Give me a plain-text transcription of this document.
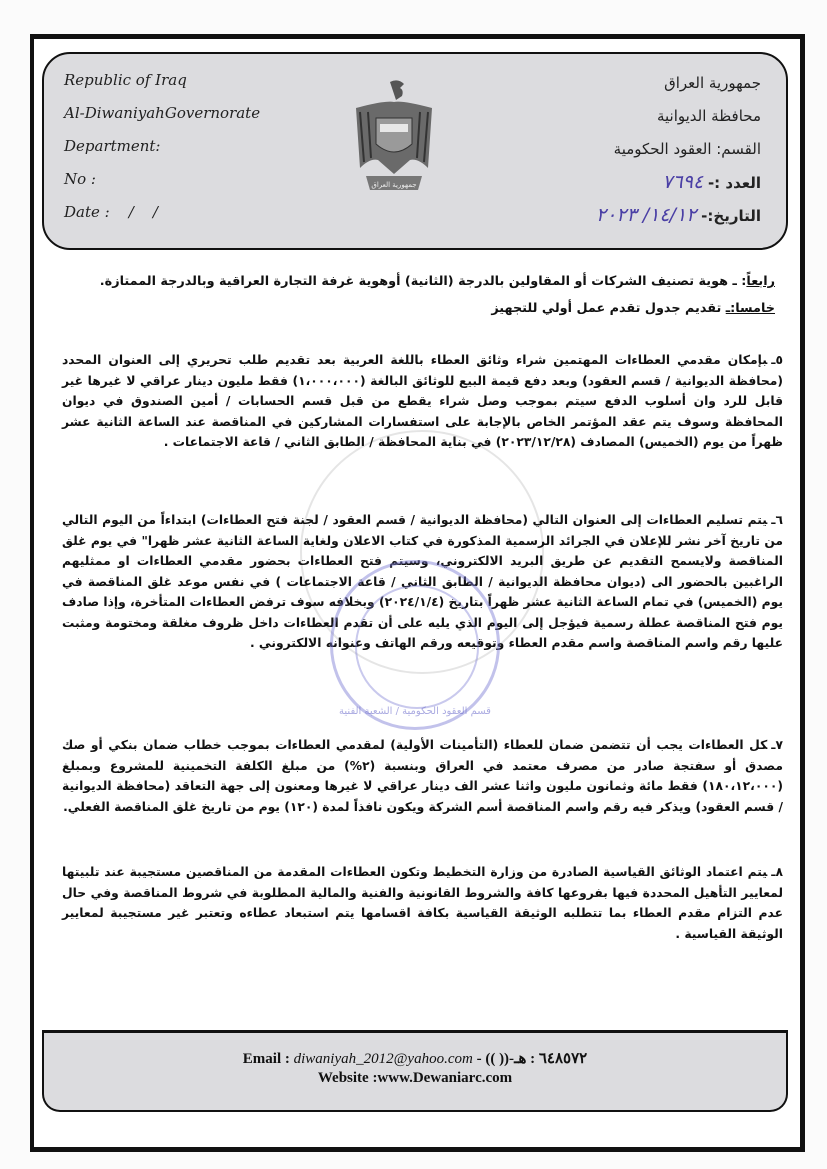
Republic of Iraq
Al-DiwaniyahGovernorate
Department:
No :
Date :    /    /
جمهورية العراق
جمهورية العراق
محافظة الديوانية
القسم: العقود الحكومية
العدد :- ٧٦٩٤
التاريخ:- ١٤/١٢/ ٢٠٢٣
رابعاً: ـ هوية تصنيف الشركات أو المقاولين بالدرجة (الثانية) أوهوية غرفة التجارة العراقية وبالدرجة الممتازة.
خامسا:ـ تقديم جدول تقدم عمل أولي للتجهيز
٥ـبإمكان مقدمي العطاءات المهتمين شراء وثائق العطاء باللغة العربية بعد تقديم طلب تحريري إلى العنوان المحدد (محافظة الديوانية / قسم العقود) وبعد دفع قيمة البيع للوثائق البالغة (١،٠٠٠،٠٠٠) فقط مليون دينار عراقي لا غيرها غير قابل للرد وان أسلوب الدفع سيتم بموجب وصل شراء يقطع من قبل قسم الحسابات / أمين الصندوق في ديوان المحافظة وسوف يتم عقد المؤتمر الخاص بالإجابة على استفسارات المشاركين في المناقصة عند الساعة الثانية عشر ظهراً من يوم (الخميس) المصادف (٢٠٢٣/١٢/٢٨) في بناية المحافظة / الطابق الثاني / قاعة الاجتماعات .
٦ـيتم تسليم العطاءات إلى العنوان التالي (محافظة الديوانية / قسم العقود / لجنة فتح العطاءات) ابتداءاً من اليوم التالي من تاريخ آخر نشر للإعلان في الجرائد الرسمية المذكورة في كتاب الاعلان ولغاية الساعة الثانية عشر ظهرا" في يوم غلق المناقصة ولايسمح التقديم عن طريق البريد الالكتروني، وسيتم فتح العطاءات بحضور مقدمي العطاءات او ممثليهم الراغبين بالحضور الى (ديوان محافظة الديوانية / الطابق الثاني / قاعة الاجتماعات ) في نفس موعد غلق المناقصة في يوم (الخميس) في تمام الساعة الثانية عشر ظهراً بتاريخ (٢٠٢٤/١/٤) وبخلافه سوف ترفض العطاءات المتأخرة، وإذا صادف يوم فتح المناقصة عطلة رسمية فيؤجل إلى اليوم الذي يليه على أن تقدم العطاءات داخل ظروف مغلقة ومختومة ومثبت عليها رقم واسم المناقصة واسم مقدم العطاء وتوقيعه ورقم الهاتف وعنوانه الالكتروني .
قسم العقود الحكومية / الشعبة الفنية
٧ـكل العطاءات يجب أن تتضمن ضمان للعطاء (التأمينات الأولية) لمقدمي العطاءات بموجب خطاب ضمان بنكي أو صك مصدق أو سفتجة صادر من مصرف معتمد في العراق وبنسبة (٢%) من مبلغ الكلفة التخمينية للمشروع وبمبلغ (١٨٠،١٢،٠٠٠) فقط مائة وثمانون مليون واثنا عشر الف دينار عراقي لا غيرها ومعنون إلى جهة التعاقد (محافظة الديوانية / قسم العقود) ويذكر فيه رقم واسم المناقصة أسم الشركة ويكون نافذاً لمدة (١٢٠) يوم من تاريخ غلق المناقصة الفعلي.
٨ـيتم اعتماد الوثائق القياسية الصادرة من وزارة التخطيط وتكون العطاءات المقدمة من المناقصين مستجيبة عند تلبيتها لمعايير التأهيل المحددة فيها بفروعها كافة والشروط القانونية والفنية والمالية المطلوبة في شروط المناقصة وفي حال عدم التزام مقدم العطاء بما تتطلبه الوثيقة القياسية بكافة اقسامها يتم استبعاد عطاءه وتعتبر غير مستجيبة لمعايير الوثيقة القياسية .
Email : diwaniyah_2012@yahoo.com - (( ))-٦٤٨٥٧٢ : هـ
Website :www.Dewaniarc.com
